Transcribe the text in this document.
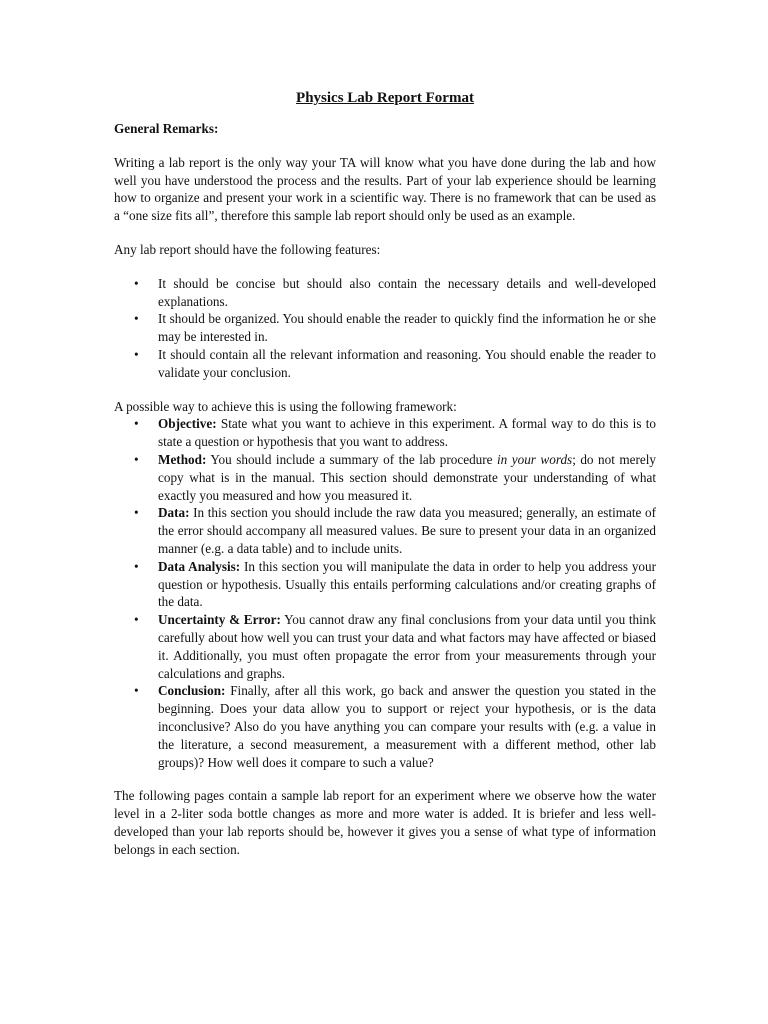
Physics Lab Report Format
General Remarks:

Writing a lab report is the only way your TA will know what you have done during the lab and how well you have understood the process and the results. Part of your lab experience should be learning how to organize and present your work in a scientific way. There is no framework that can be used as a “one size fits all”, therefore this sample lab report should only be used as an example.

Any lab report should have the following features:

•	It should be concise but should also contain the necessary details and well-developed explanations.
•	It should be organized. You should enable the reader to quickly find the information he or she may be interested in.
•	It should contain all the relevant information and reasoning. You should enable the reader to validate your conclusion.

A possible way to achieve this is using the following framework:

•	Objective: State what you want to achieve in this experiment. A formal way to do this is to state a question or hypothesis that you want to address.
•	Method: You should include a summary of the lab procedure in your words; do not merely copy what is in the manual. This section should demonstrate your understanding of what exactly you measured and how you measured it.
•	Data: In this section you should include the raw data you measured; generally, an estimate of the error should accompany all measured values. Be sure to present your data in an organized manner (e.g. a data table) and to include units.
•	Data Analysis: In this section you will manipulate the data in order to help you address your question or hypothesis. Usually this entails performing calculations and/or creating graphs of the data.
•	Uncertainty & Error: You cannot draw any final conclusions from your data until you think carefully about how well you can trust your data and what factors may have affected or biased it. Additionally, you must often propagate the error from your measurements through your calculations and graphs.
•	Conclusion: Finally, after all this work, go back and answer the question you stated in the beginning. Does your data allow you to support or reject your hypothesis, or is the data inconclusive? Also do you have anything you can compare your results with (e.g. a value in the literature, a second measurement, a measurement with a different method, other lab groups)? How well does it compare to such a value?

The following pages contain a sample lab report for an experiment where we observe how the water level in a 2-liter soda bottle changes as more and more water is added. It is briefer and less well-developed than your lab reports should be, however it gives you a sense of what type of information belongs in each section.
